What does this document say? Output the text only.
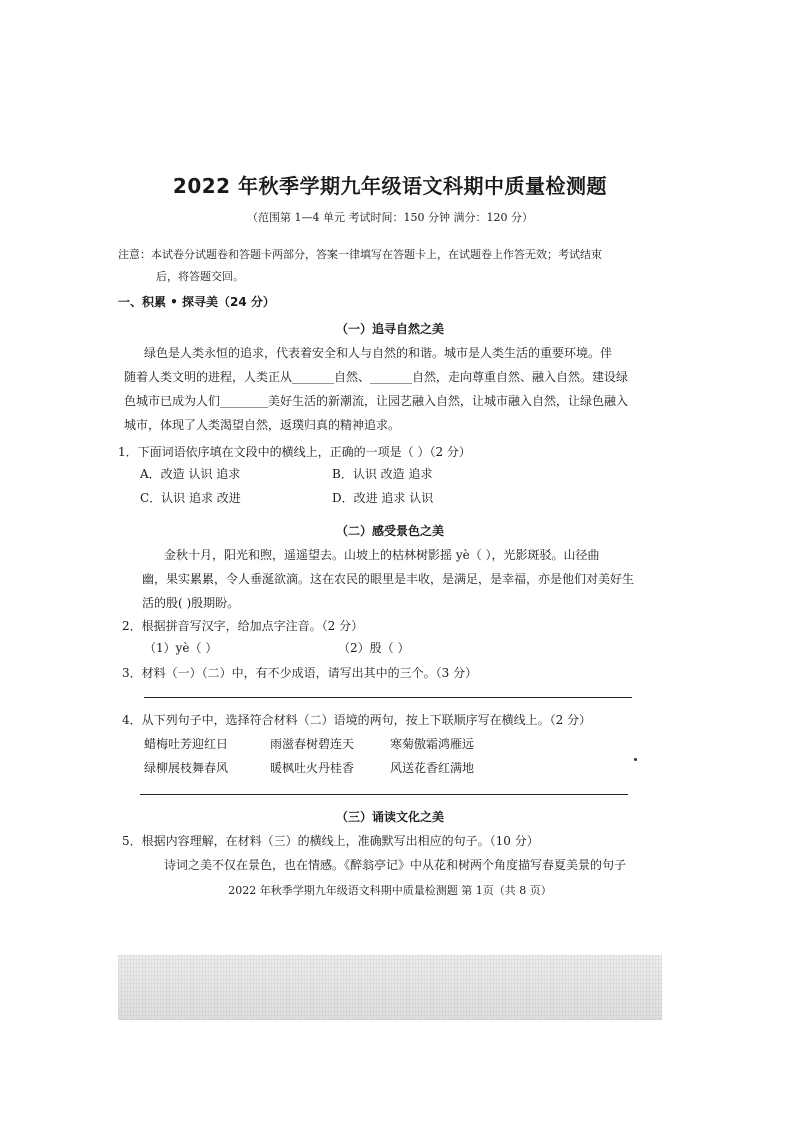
2022 年秋季学期九年级语文科期中质量检测题
（范围第 1—4 单元 考试时间：150 分钟 满分：120 分）
注意：本试卷分试题卷和答题卡两部分，答案一律填写在答题卡上，在试题卷上作答无效；考试结束
后，将答题交回。
一、积累 • 探寻美（24 分）
（一）追寻自然之美
绿色是人类永恒的追求，代表着安全和人与自然的和谐。城市是人类生活的重要环境。伴
随着人类文明的进程，人类正从_______自然、_______自然，走向尊重自然、融入自然。建设绿
色城市已成为人们________美好生活的新潮流，让园艺融入自然，让城市融入自然，让绿色融入
城市，体现了人类渴望自然，返璞归真的精神追求。
1．下面词语依序填在文段中的横线上，正确的一项是（ ）（2 分）
A．改造 认识 追求	B．认识 改造 追求
C．认识 追求 改进	D．改进 追求 认识
（二）感受景色之美
金秋十月，阳光和煦，遥遥望去。山坡上的枯林树影摇 yè（ ），光影斑驳。山径曲
幽，果实累累，令人垂涎欲滴。这在农民的眼里是丰收，是满足，是幸福，亦是他们对美好生
活的殷( )殷期盼。
2．根据拼音写汉字，给加点字注音。（2 分）
（1）yè（ ）	（2）殷（ ）
3．材料（一）（二）中，有不少成语，请写出其中的三个。（3 分）
4．从下列句子中，选择符合材料（二）语境的两句，按上下联顺序写在横线上。（2 分）
蜡梅吐芳迎红日	雨滋春树碧连天	寒菊傲霜鸿雁远
绿柳展枝舞春风	暖枫吐火丹桂香	风送花香红满地
（三）诵读文化之美
5．根据内容理解，在材料（三）的横线上，准确默写出相应的句子。（10 分）
诗词之美不仅在景色，也在情感。《醉翁亭记》中从花和树两个角度描写春夏美景的句子
2022 年秋季学期九年级语文科期中质量检测题 第 1页（共 8 页）
